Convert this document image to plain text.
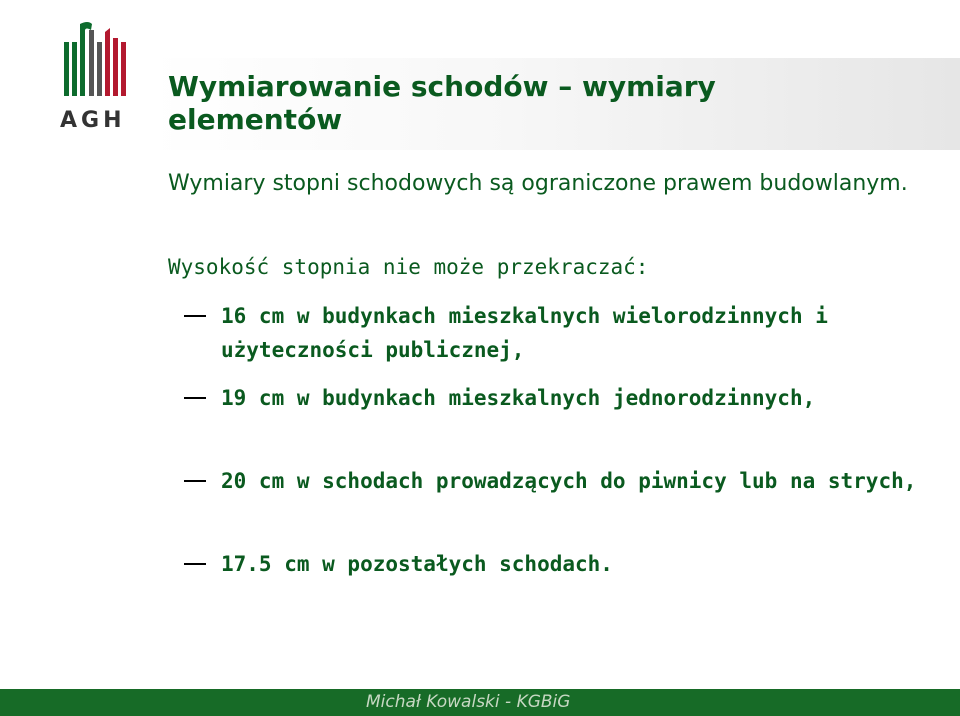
AGH
Wymiarowanie schodów – wymiary elementów

Wymiary stopni schodowych są ograniczone prawem budowlanym.

Wysokość stopnia nie może przekraczać:

16 cm w budynkach mieszkalnych wielorodzinnych i użyteczności publicznej,
19 cm w budynkach mieszkalnych jednorodzinnych,
20 cm w schodach prowadzących do piwnicy lub na strych,
17.5 cm w pozostałych schodach.
Michał Kowalski - KGBiG
